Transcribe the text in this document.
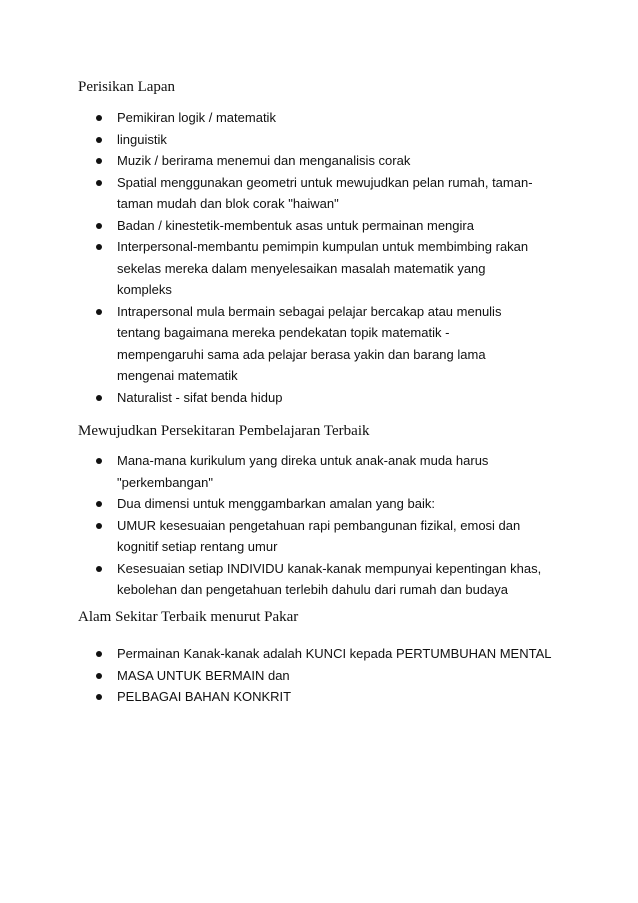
Perisikan Lapan
Pemikiran logik / matematik
linguistik
Muzik / berirama menemui dan menganalisis corak
Spatial menggunakan geometri untuk mewujudkan pelan rumah, taman-
taman mudah dan blok corak "haiwan"
Badan / kinestetik-membentuk asas untuk permainan mengira
Interpersonal-membantu pemimpin kumpulan untuk membimbing rakan
sekelas mereka dalam menyelesaikan masalah matematik yang
kompleks
Intrapersonal mula bermain sebagai pelajar bercakap atau menulis
tentang bagaimana mereka pendekatan topik matematik -
mempengaruhi sama ada pelajar berasa yakin dan barang lama
mengenai matematik
Naturalist - sifat benda hidup
Mewujudkan Persekitaran Pembelajaran Terbaik
Mana-mana kurikulum yang direka untuk anak-anak muda harus
"perkembangan"
Dua dimensi untuk menggambarkan amalan yang baik:
UMUR kesesuaian pengetahuan rapi pembangunan fizikal, emosi dan
kognitif setiap rentang umur
Kesesuaian setiap INDIVIDU kanak-kanak mempunyai kepentingan khas,
kebolehan dan pengetahuan terlebih dahulu dari rumah dan budaya
Alam Sekitar Terbaik menurut Pakar
Permainan Kanak-kanak adalah KUNCI kepada PERTUMBUHAN MENTAL
MASA UNTUK BERMAIN dan
PELBAGAI BAHAN KONKRIT
